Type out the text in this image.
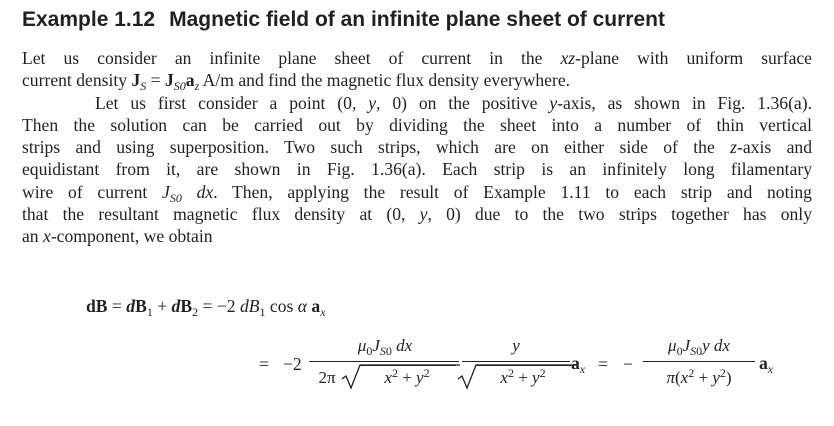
Example 1.12 Magnetic field of an infinite plane sheet of current
Let us consider an infinite plane sheet of current in the xz-plane with uniform surface
current density $J_S = J_{S0}a_z$ A/m and find the magnetic flux density everywhere.
Let us first consider a point (0, y, 0) on the positive y-axis, as shown in Fig. 1.36(a).
Then the solution can be carried out by dividing the sheet into a number of thin vertical
strips and using superposition. Two such strips, which are on either side of the z-axis and
equidistant from it, are shown in Fig. 1.36(a). Each strip is an infinitely long filamentary
wire of current $J_{S0}$ dx. Then, applying the result of Example 1.11 to each strip and noting
that the resultant magnetic flux density at (0, y, 0) due to the two strips together has only
an x-component, we obtain
dB = $dB_1 + dB_2 = -2$ $dB_1$ cos α $a_x$
= −2
$\mu_0J_{S0}$ dx
2π	$x^2 + y^2$
y
$x^2 + y^2$	$a_x$ = −
$\mu_0J_{S0}y$ dx
$\pi(x^2 + y^2)$
$a_x$
